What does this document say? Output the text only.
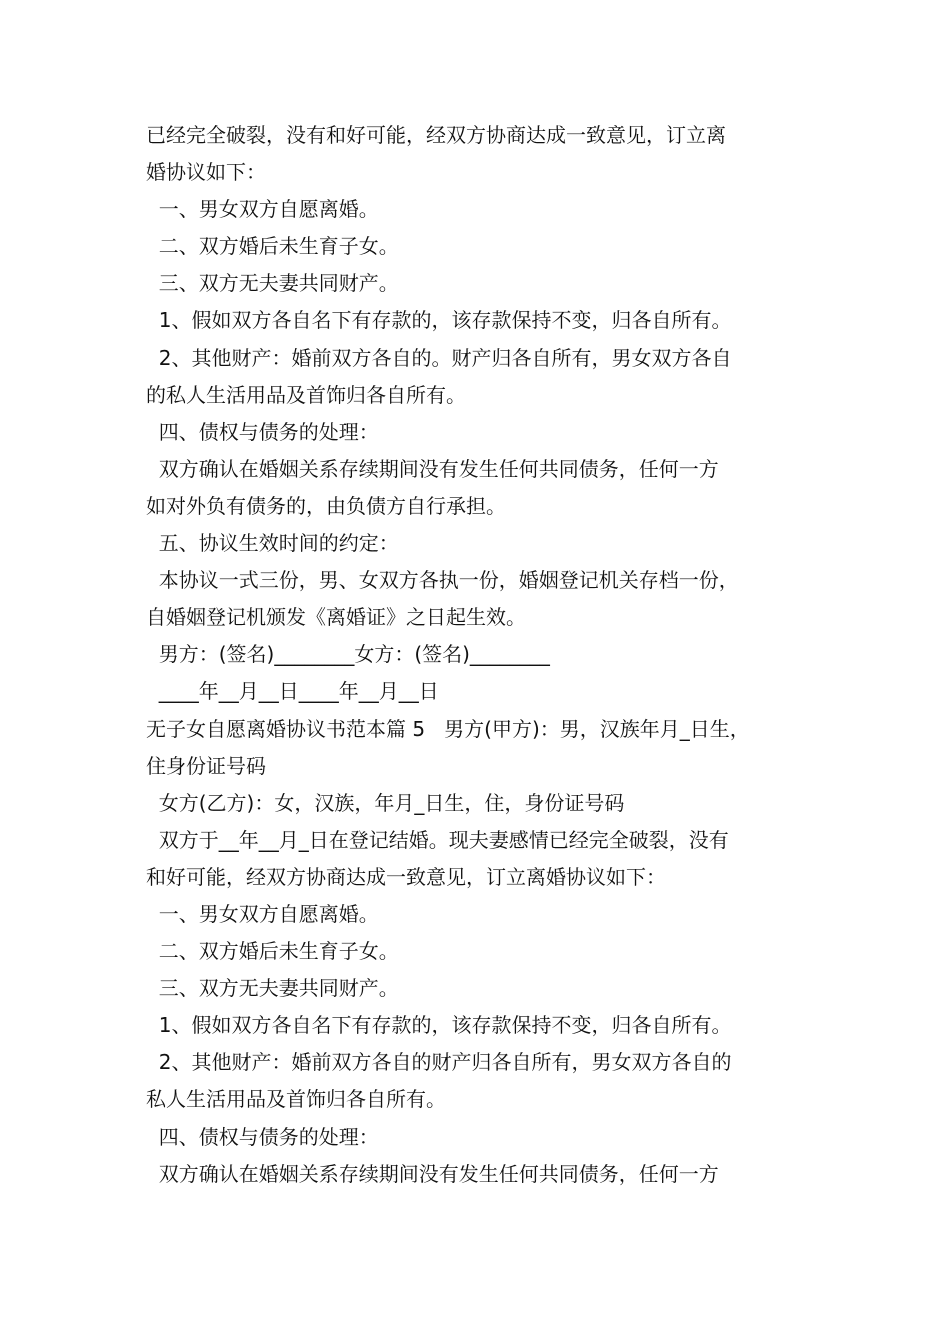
已经完全破裂，没有和好可能，经双方协商达成一致意见，订立离
婚协议如下：
一、男女双方自愿离婚。
二、双方婚后未生育子女。
三、双方无夫妻共同财产。
1、假如双方各自名下有存款的，该存款保持不变，归各自所有。
2、其他财产：婚前双方各自的。财产归各自所有，男女双方各自
的私人生活用品及首饰归各自所有。
四、债权与债务的处理：
双方确认在婚姻关系存续期间没有发生任何共同债务，任何一方
如对外负有债务的，由负债方自行承担。
五、协议生效时间的约定：
本协议一式三份，男、女双方各执一份，婚姻登记机关存档一份，
自婚姻登记机颁发《离婚证》之日起生效。
男方：(签名)________女方：(签名)________
____年__月__日____年__月__日
无子女自愿离婚协议书范本篇 5   男方(甲方)：男，汉族年月_日生，
住身份证号码
女方(乙方)：女，汉族，年月_日生，住，身份证号码
双方于__年__月_日在登记结婚。现夫妻感情已经完全破裂，没有
和好可能，经双方协商达成一致意见，订立离婚协议如下：
一、男女双方自愿离婚。
二、双方婚后未生育子女。
三、双方无夫妻共同财产。
1、假如双方各自名下有存款的，该存款保持不变，归各自所有。
2、其他财产：婚前双方各自的财产归各自所有，男女双方各自的
私人生活用品及首饰归各自所有。
四、债权与债务的处理：
双方确认在婚姻关系存续期间没有发生任何共同债务，任何一方
